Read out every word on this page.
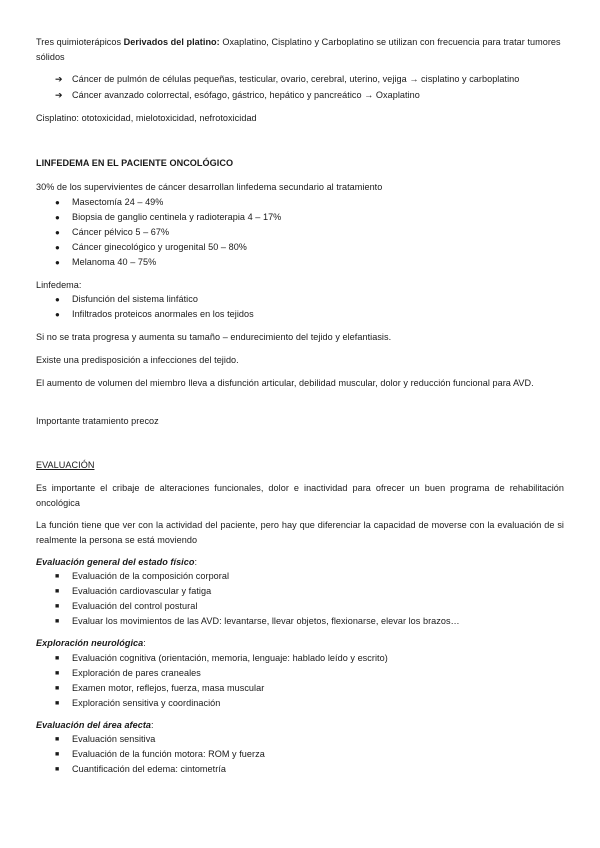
Tres quimioterápicos Derivados del platino: Oxaplatino, Cisplatino y Carboplatino se utilizan con frecuencia para tratar tumores sólidos

➔ Cáncer de pulmón de células pequeñas, testicular, ovario, cerebral, uterino, vejiga → cisplatino y carboplatino
➔ Cáncer avanzado colorrectal, esófago, gástrico, hepático y pancreático → Oxaplatino

Cisplatino: ototoxicidad, mielotoxicidad, nefrotoxicidad

LINFEDEMA EN EL PACIENTE ONCOLÓGICO

30% de los supervivientes de cáncer desarrollan linfedema secundario al tratamiento

● Masectomía 24 – 49%
● Biopsia de ganglio centinela y radioterapia 4 – 17%
● Cáncer pélvico 5 – 67%
● Cáncer ginecológico y urogenital 50 – 80%
● Melanoma 40 – 75%

Linfedema:

● Disfunción del sistema linfático
● Infiltrados proteicos anormales en los tejidos

Si no se trata progresa y aumenta su tamaño – endurecimiento del tejido y elefantiasis.

Existe una predisposición a infecciones del tejido.

El aumento de volumen del miembro lleva a disfunción articular, debilidad muscular, dolor y reducción funcional para AVD.

Importante tratamiento precoz

EVALUACIÓN

Es importante el cribaje de alteraciones funcionales, dolor e inactividad para ofrecer un buen programa de rehabilitación oncológica

La función tiene que ver con la actividad del paciente, pero hay que diferenciar la capacidad de moverse con la evaluación de si realmente la persona se está moviendo

Evaluación general del estado físico:

■ Evaluación de la composición corporal
■ Evaluación cardiovascular y fatiga
■ Evaluación del control postural
■ Evaluar los movimientos de las AVD: levantarse, llevar objetos, flexionarse, elevar los brazos…

Exploración neurológica:

■ Evaluación cognitiva (orientación, memoria, lenguaje: hablado leído y escrito)
■ Exploración de pares craneales
■ Examen motor, reflejos, fuerza, masa muscular
■ Exploración sensitiva y coordinación

Evaluación del área afecta:

■ Evaluación sensitiva
■ Evaluación de la función motora: ROM y fuerza
■ Cuantificación del edema: cintometría
